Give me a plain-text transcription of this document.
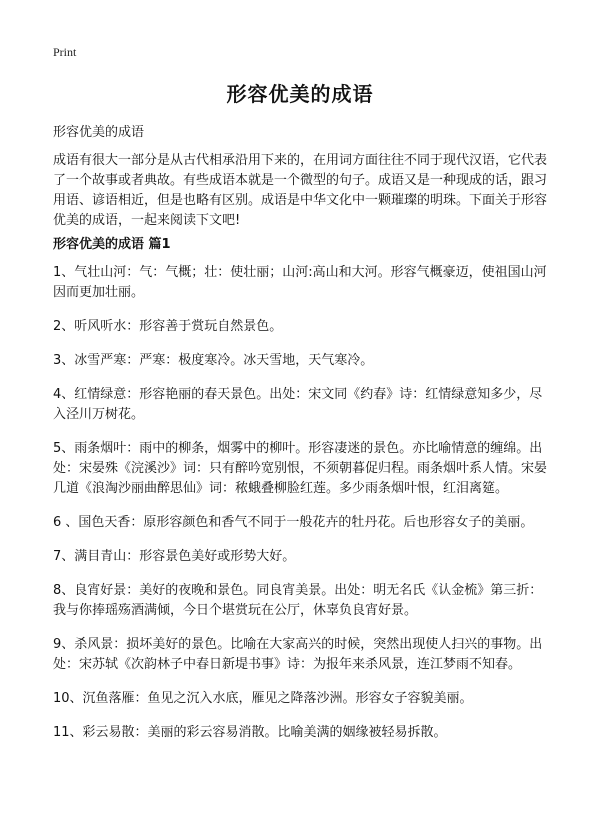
Print
形容优美的成语
形容优美的成语

成语有很大一部分是从古代相承沿用下来的，在用词方面往往不同于现代汉语，它代表了一个故事或者典故。有些成语本就是一个微型的句子。成语又是一种现成的话，跟习用语、谚语相近，但是也略有区别。成语是中华文化中一颗璀璨的明珠。下面关于形容优美的成语，一起来阅读下文吧!

形容优美的成语 篇1
1、气壮山河：气：气概；壮：使壮丽；山河:高山和大河。形容气概豪迈，使祖国山河因而更加壮丽。
2、听风听水：形容善于赏玩自然景色。
3、冰雪严寒：严寒：极度寒冷。冰天雪地，天气寒冷。
4、红情绿意：形容艳丽的春天景色。出处：宋文同《约春》诗：红情绿意知多少，尽入泾川万树花。
5、雨条烟叶：雨中的柳条，烟雾中的柳叶。形容凄迷的景色。亦比喻情意的缠绵。出处：宋晏殊《浣溪沙》词：只有醉吟宽别恨，不须朝暮促归程。雨条烟叶系人情。宋晏几道《浪淘沙丽曲醉思仙》词：秾蛾叠柳脸红莲。多少雨条烟叶恨，红泪离筵。
6 、国色天香：原形容颜色和香气不同于一般花卉的牡丹花。后也形容女子的美丽。
7、满目青山：形容景色美好或形势大好。
8、良宵好景：美好的夜晚和景色。同良宵美景。出处：明无名氏《认金梳》第三折：我与你捧瑶殇酒满倾，今日个堪赏玩在公厅，休辜负良宵好景。
9、杀风景：损坏美好的景色。比喻在大家高兴的时候，突然出现使人扫兴的事物。出处：宋苏轼《次韵林子中春日新堤书事》诗：为报年来杀风景，连江梦雨不知春。
10、沉鱼落雁：鱼见之沉入水底，雁见之降落沙洲。形容女子容貌美丽。
11、彩云易散：美丽的彩云容易消散。比喻美满的姻缘被轻易拆散。
